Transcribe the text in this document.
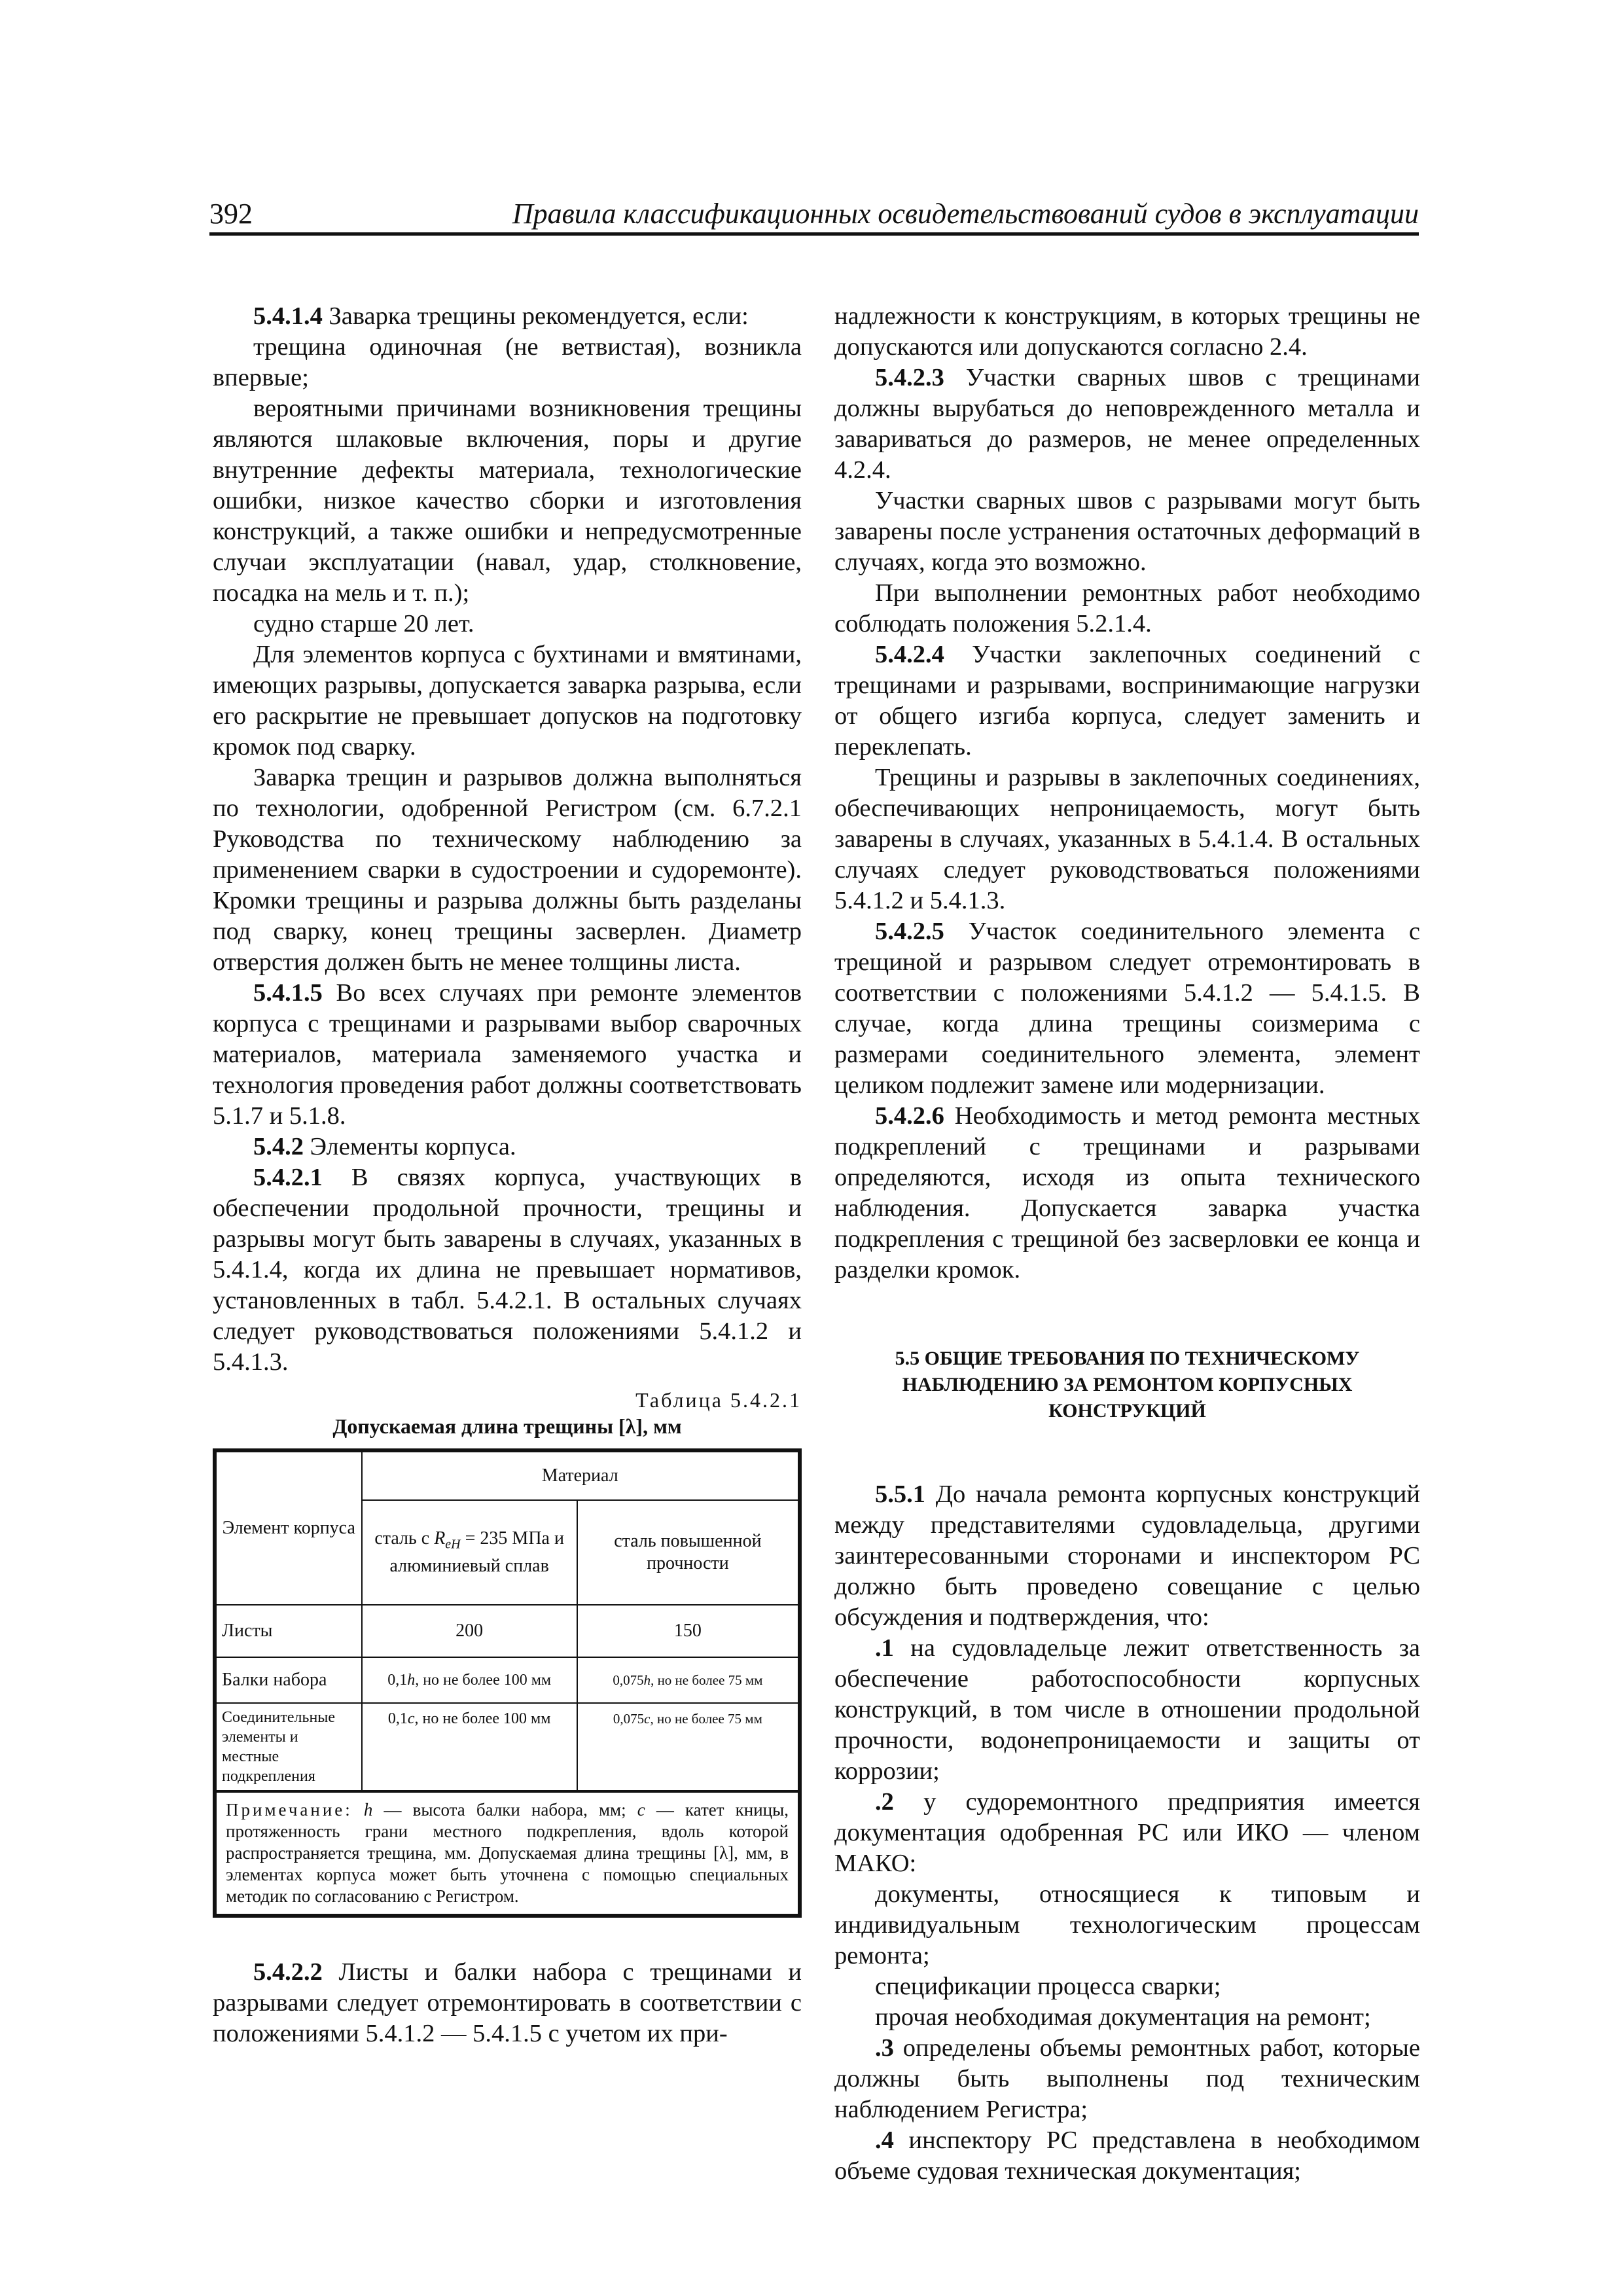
392	Правила классификационных освидетельствований судов в эксплуатации

5.4.1.4 Заварка трещины рекомендуется, если:

трещина одиночная (не ветвистая), возникла впервые;

вероятными причинами возникновения трещины являются шлаковые включения, поры и другие внутренние дефекты материала, технологические ошибки, низкое качество сборки и изготовления конструкций, а также ошибки и непредусмотренные случаи эксплуатации (навал, удар, столкновение, посадка на мель и т. п.);

судно старше 20 лет.

Для элементов корпуса с бухтинами и вмятинами, имеющих разрывы, допускается заварка разрыва, если его раскрытие не превышает допусков на подготовку кромок под сварку.

Заварка трещин и разрывов должна выполняться по технологии, одобренной Регистром (см. 6.7.2.1 Руководства по техническому наблюдению за применением сварки в судостроении и судоремонте). Кромки трещины и разрыва должны быть разделаны под сварку, конец трещины засверлен. Диаметр отверстия должен быть не менее толщины листа.

5.4.1.5 Во всех случаях при ремонте элементов корпуса с трещинами и разрывами выбор сварочных материалов, материала заменяемого участка и технология проведения работ должны соответствовать 5.1.7 и 5.1.8.

5.4.2 Элементы корпуса.

5.4.2.1 В связях корпуса, участвующих в обеспечении продольной прочности, трещины и разрывы могут быть заварены в случаях, указанных в 5.4.1.4, когда их длина не превышает нормативов, установленных в табл. 5.4.2.1. В остальных случаях следует руководствоваться положениями 5.4.1.2 и 5.4.1.3.

Таблица 5.4.2.1
Допускаемая длина трещины [λ], мм
Элемент корпуса	Материал	
	сталь с $R_{eH} = 235$ МПа и алюминиевый сплав	сталь повышенной прочности
Листы	200	150
Балки набора	0,1h, но не более 100 мм	0,075h, но не более 75 мм
Соединительные элементы и местные подкрепления	0,1c, но не более 100 мм	0,075c, но не более 75 мм
Примечание: h — высота балки набора, мм; c — катет кницы, протяженность грани местного подкрепления, вдоль которой распространяется трещина, мм. Допускаемая длина трещины [λ], мм, в элементах корпуса может быть уточнена с помощью специальных методик по согласованию с Регистром.		

5.4.2.2 Листы и балки набора с трещинами и разрывами следует отремонтировать в соответствии с положениями 5.4.1.2 — 5.4.1.5 с учетом их при-

надлежности к конструкциям, в которых трещины не допускаются или допускаются согласно 2.4.

5.4.2.3 Участки сварных швов с трещинами должны вырубаться до неповрежденного металла и завариваться до размеров, не менее определенных 4.2.4.

Участки сварных швов с разрывами могут быть заварены после устранения остаточных деформаций в случаях, когда это возможно.

При выполнении ремонтных работ необходимо соблюдать положения 5.2.1.4.

5.4.2.4 Участки заклепочных соединений с трещинами и разрывами, воспринимающие нагрузки от общего изгиба корпуса, следует заменить и переклепать.

Трещины и разрывы в заклепочных соединениях, обеспечивающих непроницаемость, могут быть заварены в случаях, указанных в 5.4.1.4. В остальных случаях следует руководствоваться положениями 5.4.1.2 и 5.4.1.3.

5.4.2.5 Участок соединительного элемента с трещиной и разрывом следует отремонтировать в соответствии с положениями 5.4.1.2 — 5.4.1.5. В случае, когда длина трещины соизмерима с размерами соединительного элемента, элемент целиком подлежит замене или модернизации.

5.4.2.6 Необходимость и метод ремонта местных подкреплений с трещинами и разрывами определяются, исходя из опыта технического наблюдения. Допускается заварка участка подкрепления с трещиной без засверловки ее конца и разделки кромок.

5.5 ОБЩИЕ ТРЕБОВАНИЯ ПО ТЕХНИЧЕСКОМУ НАБЛЮДЕНИЮ ЗА РЕМОНТОМ КОРПУСНЫХ КОНСТРУКЦИЙ

5.5.1 До начала ремонта корпусных конструкций между представителями судовладельца, другими заинтересованными сторонами и инспектором РС должно быть проведено совещание с целью обсуждения и подтверждения, что:

.1 на судовладельце лежит ответственность за обеспечение работоспособности корпусных конструкций, в том числе в отношении продольной прочности, водонепроницаемости и защиты от коррозии;

.2 у судоремонтного предприятия имеется документация одобренная РС или ИКО — членом МАКО:

документы, относящиеся к типовым и индивидуальным технологическим процессам ремонта;

спецификации процесса сварки;

прочая необходимая документация на ремонт;

.3 определены объемы ремонтных работ, которые должны быть выполнены под техническим наблюдением Регистра;

.4 инспектору РС представлена в необходимом объеме судовая техническая документация;
